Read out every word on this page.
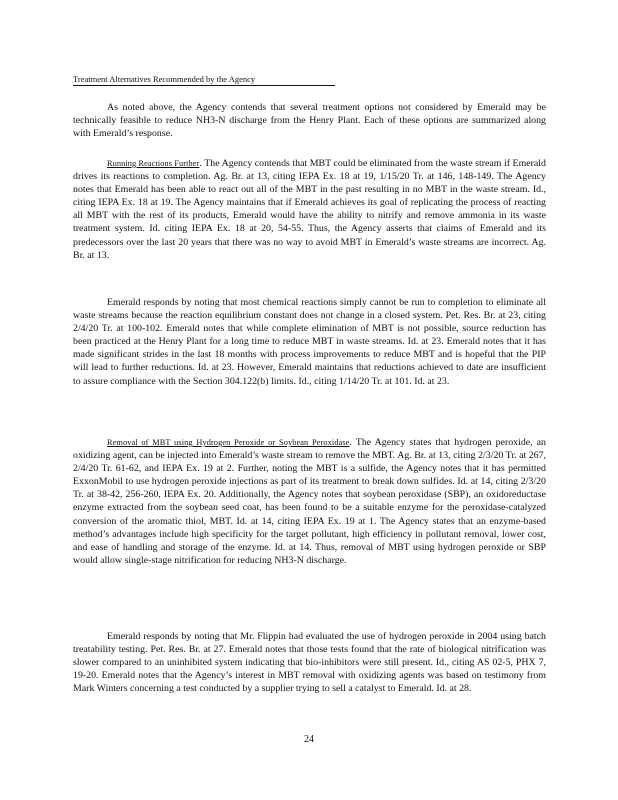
Treatment Alternatives Recommended by the Agency

As noted above, the Agency contends that several treatment options not considered by Emerald may be technically feasible to reduce NH3-N discharge from the Henry Plant. Each of these options are summarized along with Emerald’s response.

Running Reactions Further. The Agency contends that MBT could be eliminated from the waste stream if Emerald drives its reactions to completion. Ag. Br. at 13, citing IEPA Ex. 18 at 19, 1/15/20 Tr. at 146, 148-149. The Agency notes that Emerald has been able to react out all of the MBT in the past resulting in no MBT in the waste stream. Id., citing IEPA Ex. 18 at 19. The Agency maintains that if Emerald achieves its goal of replicating the process of reacting all MBT with the rest of its products, Emerald would have the ability to nitrify and remove ammonia in its waste treatment system. Id. citing IEPA Ex. 18 at 20, 54-55. Thus, the Agency asserts that claims of Emerald and its predecessors over the last 20 years that there was no way to avoid MBT in Emerald’s waste streams are incorrect. Ag. Br. at 13.

Emerald responds by noting that most chemical reactions simply cannot be run to completion to eliminate all waste streams because the reaction equilibrium constant does not change in a closed system. Pet. Res. Br. at 23, citing 2/4/20 Tr. at 100-102. Emerald notes that while complete elimination of MBT is not possible, source reduction has been practiced at the Henry Plant for a long time to reduce MBT in waste streams. Id. at 23. Emerald notes that it has made significant strides in the last 18 months with process improvements to reduce MBT and is hopeful that the PIP will lead to further reductions. Id. at 23. However, Emerald maintains that reductions achieved to date are insufficient to assure compliance with the Section 304.122(b) limits. Id., citing 1/14/20 Tr. at 101. Id. at 23.

Removal of MBT using Hydrogen Peroxide or Soybean Peroxidase. The Agency states that hydrogen peroxide, an oxidizing agent, can be injected into Emerald’s waste stream to remove the MBT. Ag. Br. at 13, citing 2/3/20 Tr. at 267, 2/4/20 Tr. 61-62, and IEPA Ex. 19 at 2. Further, noting the MBT is a sulfide, the Agency notes that it has permitted ExxonMobil to use hydrogen peroxide injections as part of its treatment to break down sulfides. Id. at 14, citing 2/3/20 Tr. at 38-42, 256-260, IEPA Ex. 20. Additionally, the Agency notes that soybean peroxidase (SBP), an oxidoreductase enzyme extracted from the soybean seed coat, has been found to be a suitable enzyme for the peroxidase-catalyzed conversion of the aromatic thiol, MBT. Id. at 14, citing IEPA Ex. 19 at 1. The Agency states that an enzyme-based method’s advantages include high specificity for the target pollutant, high efficiency in pollutant removal, lower cost, and ease of handling and storage of the enzyme. Id. at 14. Thus, removal of MBT using hydrogen peroxide or SBP would allow single-stage nitrification for reducing NH3-N discharge.

Emerald responds by noting that Mr. Flippin had evaluated the use of hydrogen peroxide in 2004 using batch treatability testing. Pet. Res. Br. at 27. Emerald notes that those tests found that the rate of biological nitrification was slower compared to an uninhibited system indicating that bio-inhibitors were still present. Id., citing AS 02-5, PHX 7, 19-20. Emerald notes that the Agency’s interest in MBT removal with oxidizing agents was based on testimony from Mark Winters concerning a test conducted by a supplier trying to sell a catalyst to Emerald. Id. at 28.

24
